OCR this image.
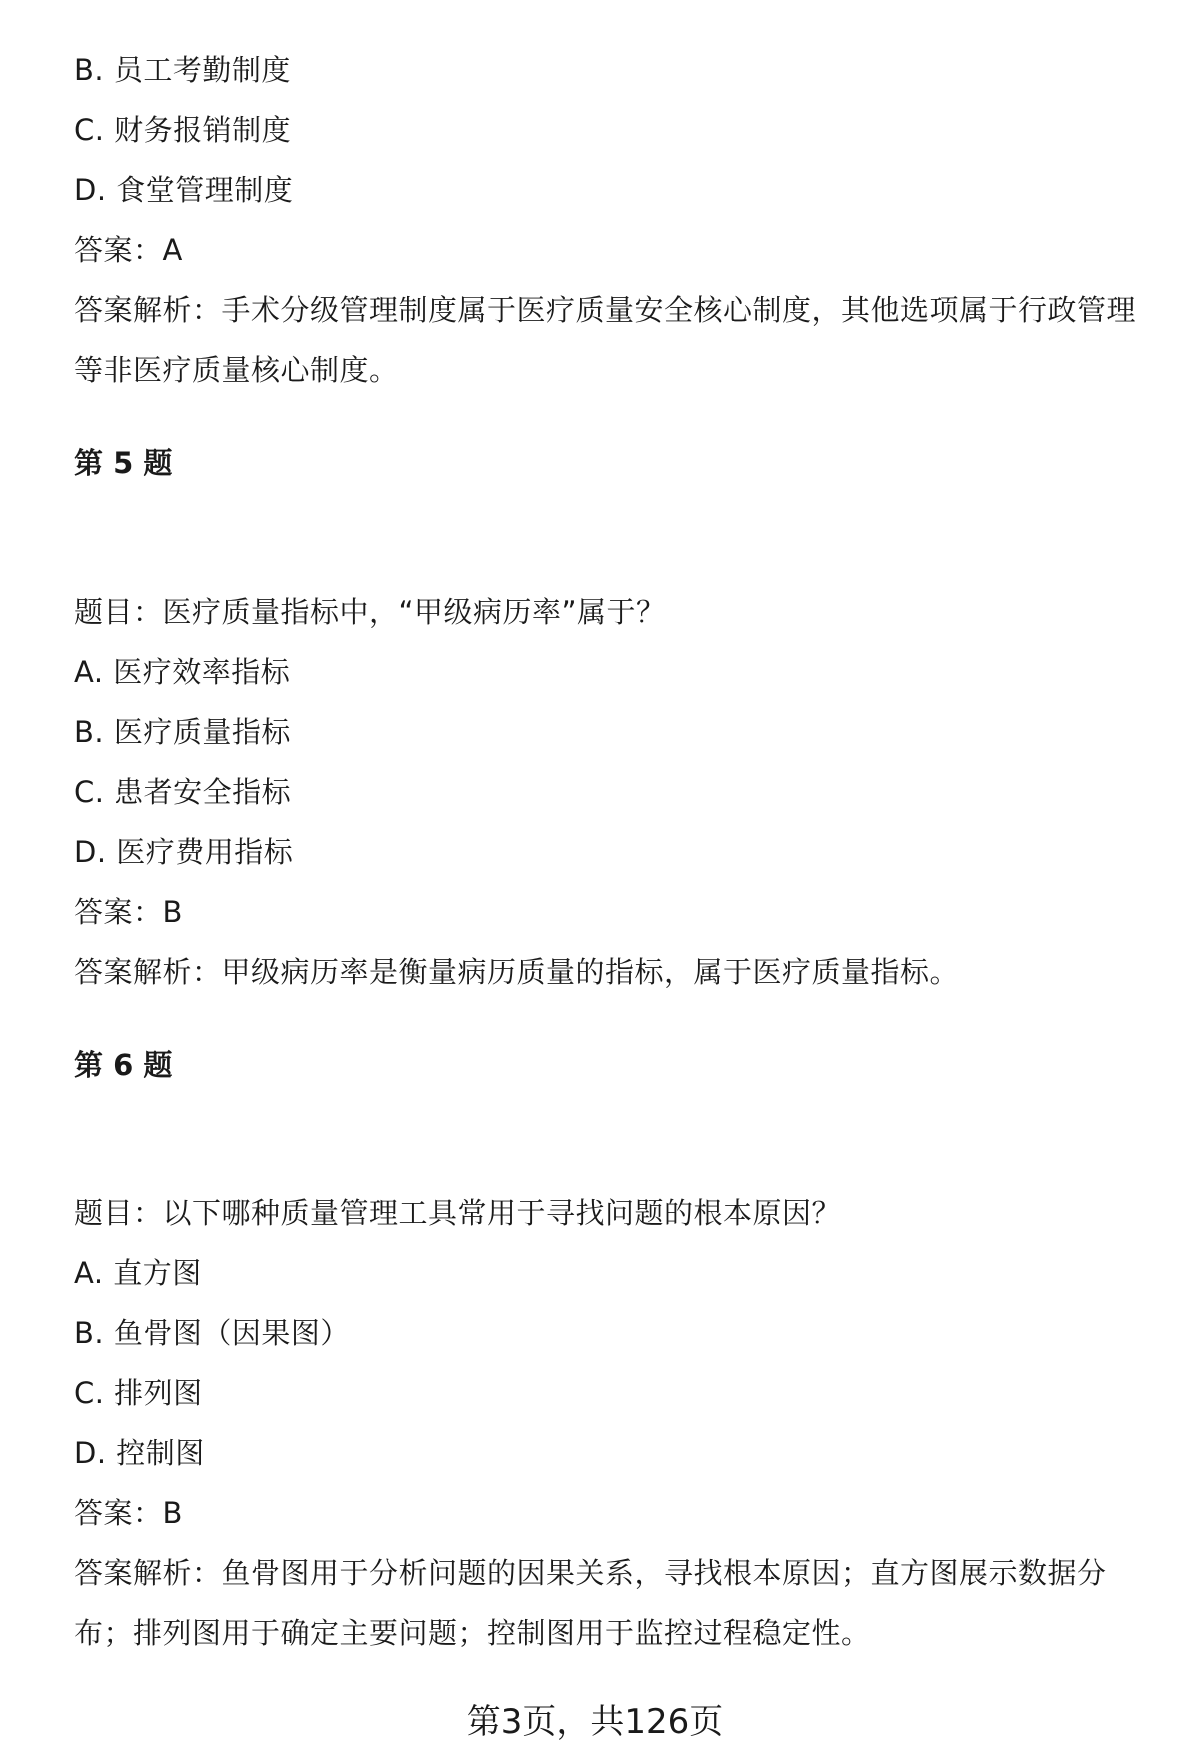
B. 员工考勤制度
C. 财务报销制度
D. 食堂管理制度
答案：A
答案解析：手术分级管理制度属于医疗质量安全核心制度，其他选项属于行政管理
等非医疗质量核心制度。
第 5 题
题目：医疗质量指标中，“甲级病历率”属于？
A. 医疗效率指标
B. 医疗质量指标
C. 患者安全指标
D. 医疗费用指标
答案：B
答案解析：甲级病历率是衡量病历质量的指标，属于医疗质量指标。
第 6 题
题目：以下哪种质量管理工具常用于寻找问题的根本原因？
A. 直方图
B. 鱼骨图（因果图）
C. 排列图
D. 控制图
答案：B
答案解析：鱼骨图用于分析问题的因果关系，寻找根本原因；直方图展示数据分
布；排列图用于确定主要问题；控制图用于监控过程稳定性。
第3页，共126页
